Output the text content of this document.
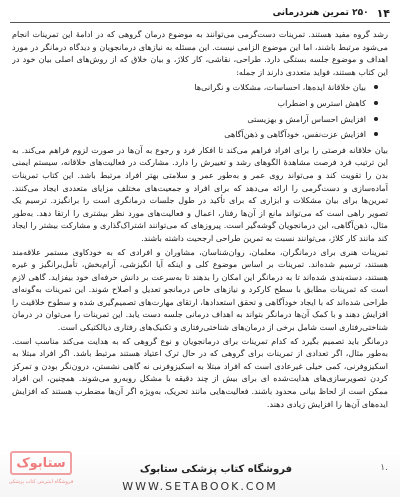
۱۴
۲۵۰ تمرین هنردرمانی

رشد گروه مفید هستند. تمرینات دست‌گرمی می‌توانند به موضوع درمان گروهی که در ادامهٔ این تمرینات انجام می‌شود مرتبط باشند، اما این موضوع الزامی نیست. این مسئله به نیازهای درمانجویان و دیدگاه درمانگر در مورد اهداف و موضوع جلسه بستگی دارد. طراحی، نقاشی، کار کلاژ، و بیان خلاق که از روش‌های اصلی بیان خود در این کتاب هستند، فواید متعددی دارند از جمله:

بیان خلاقانهٔ ایده‌ها، احساسات، مشکلات و نگرانی‌ها
کاهش استرس و اضطراب
افزایش احساس آرامش و بهزیستی
افزایش عزت‌نفس، خودآگاهی و ذهن‌آگاهی

بیان خلاقانه فرصتی را برای افراد فراهم می‌کند تا افکار فرد و رجوع به آن‌ها در صورت لزوم فراهم می‌کند. به این ترتیب فرد فرصت مشاهدهٔ الگوهای رشد و تغییرش را دارد. مشارکت در فعالیت‌های خلاقانه، سیستم ایمنی بدن را تقویت کند و می‌تواند روی عمر و به‌طور عمر و سلامتی بهتر افراد مرتبط باشد. این کتاب تمرینات آماده‌سازی و دست‌گرمی را ارائه می‌دهد که برای افراد و جمعیت‌های مختلف مزایای متعددی ایجاد می‌کنند. تمرین‌ها برای بیان مشکلات و ابزاری که برای تأکید در طول جلسات درمانگری است را برانگیزد. ترسیم یک تصویر راهی است که می‌تواند مانع از آن‌ها رفتار، اعمال و فعالیت‌های مورد نظر بیشتری را ارتقا دهد. به‌طور مثال، ذهن‌آگاهی، این درمانجویان گوشه‌گیر است. پیروزهای که می‌توانند اشتراک‌گذاری و مشارکت بیشتر را ایجاد کند مانند کار کلاژ، می‌توانند نسبت به تمرین طراحی ارجحیت داشته باشند.

تمرینات هنری برای درمانگران، معلمان، روان‌شناسان، مشاوران و افرادی که به خودکاوی مستمر علاقه‌مند هستند، ترسیم شده‌اند. تمرینات بر اساس موضوع کلی و اینکه آیا انگیزشی، آرام‌بخش، تأمل‌برانگیز و غیره هستند، دسته‌بندی شده‌اند تا به درمانگر این امکان را بدهند تا به‌سرعت بر دانش حرفه‌ای خود بیفزاید. گاهی لازم است که تمرینات مطابق با سطح کارکرد و نیازهای خاص درمانجو تعدیل و اصلاح شوند. این تمرینات به‌گونه‌ای طراحی شده‌اند که با ایجاد خودآگاهی و تحقق استعدادها، ارتقای مهارت‌های تصمیم‌گیری شده و سطوح خلاقیت را افزایش دهند و با کمک آن‌ها درمانگر بتواند به اهداف درمانی جلسه دست یابد. این تمرینات را می‌توان در درمان شناختی‌رفتاری است شامل برخی از درمان‌های شناختی‌رفتاری و تکنیک‌های رفتاری دیالکتیکی است.

درمانگر باید تصمیم بگیرد که کدام تمرینات برای درمانجویان و نوع گروهی که به هدایت می‌کند مناسب است. به‌طور مثال، اگر تعدادی از تمرینات برای گروهی که در حال ترک اعتیاد هستند مرتبط باشد. اگر افراد مبتلا به اسکیزوفرنی، کمی خیلی غیرعادی است که افراد مبتلا به اسکیزوفرنی نه گاهی نشستن، درون‌نگر بودن و تمرکز کردن تصویرسازی‌های هدایت‌شده ای برای بیش از چند دقیقه با مشکل روبه‌رو می‌شوند. همچنین، این افراد ممکن است از لحاظ بیانی محدود باشند. فعالیت‌هایی مانند تحریک، به‌ویژه اگر آن‌ها مضطرب هستند که افزایش ایده‌های آن‌ها را افزایش زیادی دهند.

ستابوک
فروشگاه اینترنتی کتاب پزشکی
فروشگاه کتاب پزشکی ستابوک	۱.
WWW.SETABOOK.COM
